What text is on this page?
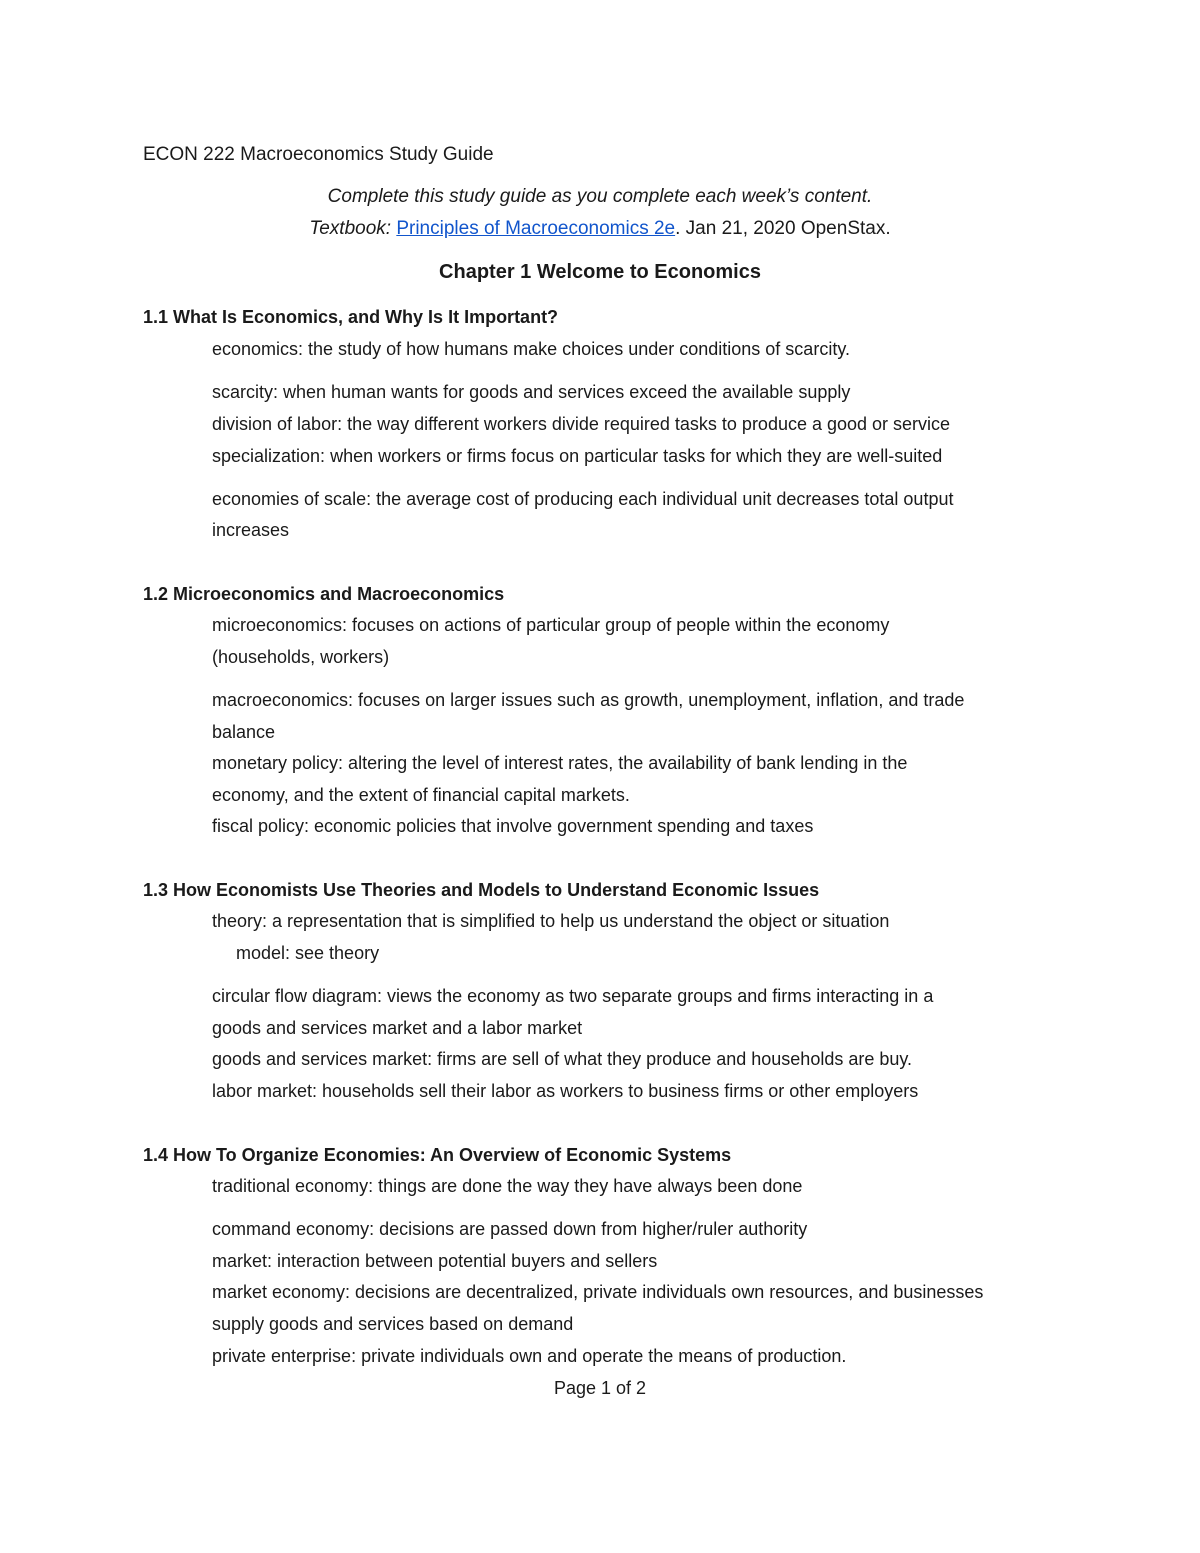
ECON 222 Macroeconomics Study Guide
Complete this study guide as you complete each week’s content.
Textbook: Principles of Macroeconomics 2e. Jan 21, 2020 OpenStax.
Chapter 1 Welcome to Economics
1.1 What Is Economics, and Why Is It Important?
economics: the study of how humans make choices under conditions of scarcity.
scarcity: when human wants for goods and services exceed the available supply
division of labor: the way different workers divide required tasks to produce a good or service
specialization: when workers or firms focus on particular tasks for which they are well-suited
economies of scale: the average cost of producing each individual unit decreases total output
increases
1.2 Microeconomics and Macroeconomics
microeconomics: focuses on actions of particular group of people within the economy
(households, workers)
macroeconomics: focuses on larger issues such as growth, unemployment, inflation, and trade
balance
monetary policy: altering the level of interest rates, the availability of bank lending in the
economy, and the extent of financial capital markets.
fiscal policy: economic policies that involve government spending and taxes
1.3 How Economists Use Theories and Models to Understand Economic Issues
theory: a representation that is simplified to help us understand the object or situation
model: see theory
circular flow diagram: views the economy as two separate groups and firms interacting in a
goods and services market and a labor market
goods and services market: firms are sell of what they produce and households are buy.
labor market: households sell their labor as workers to business firms or other employers
1.4 How To Organize Economies: An Overview of Economic Systems
traditional economy: things are done the way they have always been done
command economy: decisions are passed down from higher/ruler authority
market: interaction between potential buyers and sellers
market economy: decisions are decentralized, private individuals own resources, and businesses
supply goods and services based on demand
private enterprise: private individuals own and operate the means of production.
Page 1 of 2
